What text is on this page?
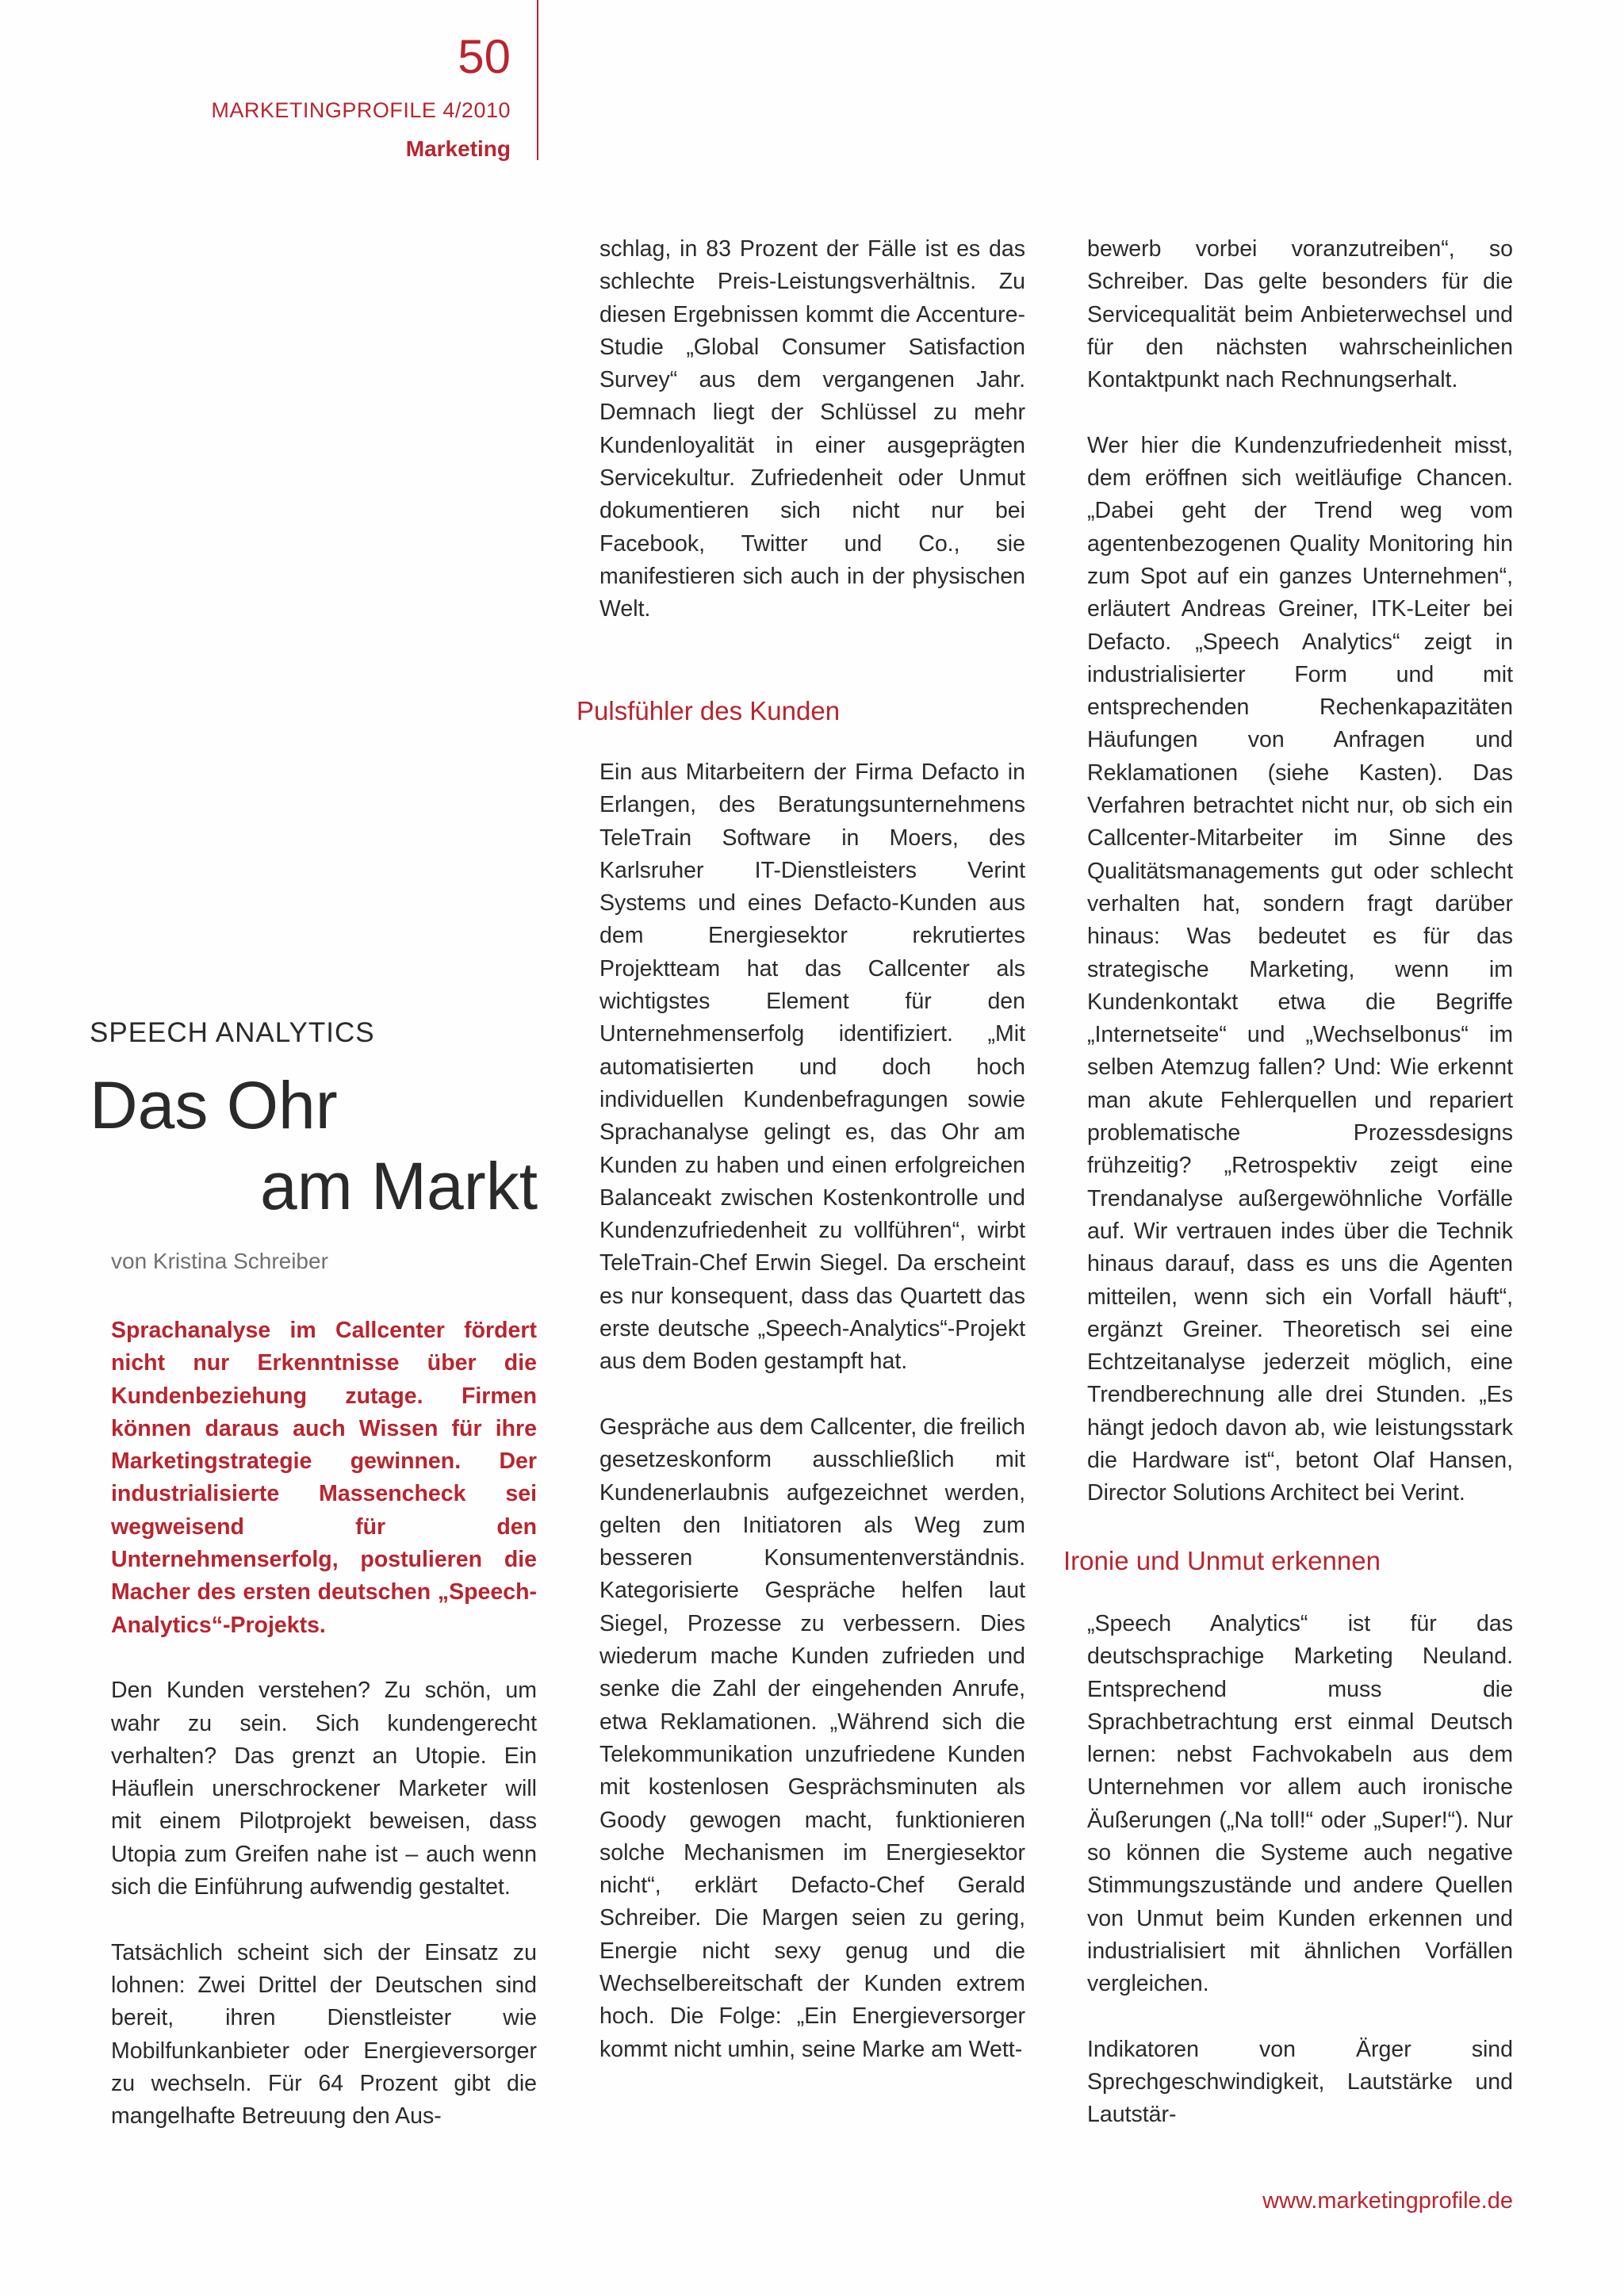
50
MARKETINGPROFILE 4/2010
Marketing
SPEECH ANALYTICS
Das Ohr
am Markt
von Kristina Schreiber

Sprachanalyse im Callcenter fördert nicht nur Erkenntnisse über die Kundenbeziehung zutage. Firmen können daraus auch Wissen für ihre Marketingstrategie gewinnen. Der industrialisierte Massencheck sei wegweisend für den Unternehmenserfolg, postulieren die Macher des ersten deutschen „Speech-Analytics“-Projekts.

Den Kunden verstehen? Zu schön, um wahr zu sein. Sich kundengerecht verhalten? Das grenzt an Utopie. Ein Häuflein unerschrockener Marketer will mit einem Pilotprojekt beweisen, dass Utopia zum Greifen nahe ist – auch wenn sich die Einführung aufwendig gestaltet.

Tatsächlich scheint sich der Einsatz zu lohnen: Zwei Drittel der Deutschen sind bereit, ihren Dienstleister wie Mobilfunkanbieter oder Energieversorger zu wechseln. Für 64 Prozent gibt die mangelhafte Betreuung den Aus-

schlag, in 83 Prozent der Fälle ist es das schlechte Preis-Leistungsverhältnis. Zu diesen Ergebnissen kommt die Accenture-Studie „Global Consumer Satisfaction Survey“ aus dem vergangenen Jahr. Demnach liegt der Schlüssel zu mehr Kundenloyalität in einer ausgeprägten Servicekultur. Zufriedenheit oder Unmut dokumentieren sich nicht nur bei Facebook, Twitter und Co., sie manifestieren sich auch in der physischen Welt.

Pulsfühler des Kunden

Ein aus Mitarbeitern der Firma Defacto in Erlangen, des Beratungsunternehmens TeleTrain Software in Moers, des Karlsruher IT-Dienstleisters Verint Systems und eines Defacto-Kunden aus dem Energiesektor rekrutiertes Projektteam hat das Callcenter als wichtigstes Element für den Unternehmenserfolg identifiziert. „Mit automatisierten und doch hoch individuellen Kundenbefragungen sowie Sprachanalyse gelingt es, das Ohr am Kunden zu haben und einen erfolgreichen Balanceakt zwischen Kostenkontrolle und Kundenzufriedenheit zu vollführen“, wirbt TeleTrain-Chef Erwin Siegel. Da erscheint es nur konsequent, dass das Quartett das erste deutsche „Speech-Analytics“-Projekt aus dem Boden gestampft hat.

Gespräche aus dem Callcenter, die freilich gesetzeskonform ausschließlich mit Kundenerlaubnis aufgezeichnet werden, gelten den Initiatoren als Weg zum besseren Konsumentenverständnis. Kategorisierte Gespräche helfen laut Siegel, Prozesse zu verbessern. Dies wiederum mache Kunden zufrieden und senke die Zahl der eingehenden Anrufe, etwa Reklamationen. „Während sich die Telekommunikation unzufriedene Kunden mit kostenlosen Gesprächsminuten als Goody gewogen macht, funktionieren solche Mechanismen im Energiesektor nicht“, erklärt Defacto-Chef Gerald Schreiber. Die Margen seien zu gering, Energie nicht sexy genug und die Wechselbereitschaft der Kunden extrem hoch. Die Folge: „Ein Energieversorger kommt nicht umhin, seine Marke am Wett-

bewerb vorbei voranzutreiben“, so Schreiber. Das gelte besonders für die Servicequalität beim Anbieterwechsel und für den nächsten wahrscheinlichen Kontaktpunkt nach Rechnungserhalt.

Wer hier die Kundenzufriedenheit misst, dem eröffnen sich weitläufige Chancen. „Dabei geht der Trend weg vom agentenbezogenen Quality Monitoring hin zum Spot auf ein ganzes Unternehmen“, erläutert Andreas Greiner, ITK-Leiter bei Defacto. „Speech Analytics“ zeigt in industrialisierter Form und mit entsprechenden Rechenkapazitäten Häufungen von Anfragen und Reklamationen (siehe Kasten). Das Verfahren betrachtet nicht nur, ob sich ein Callcenter-Mitarbeiter im Sinne des Qualitätsmanagements gut oder schlecht verhalten hat, sondern fragt darüber hinaus: Was bedeutet es für das strategische Marketing, wenn im Kundenkontakt etwa die Begriffe „Internetseite“ und „Wechselbonus“ im selben Atemzug fallen? Und: Wie erkennt man akute Fehlerquellen und repariert problematische Prozessdesigns frühzeitig? „Retrospektiv zeigt eine Trendanalyse außergewöhnliche Vorfälle auf. Wir vertrauen indes über die Technik hinaus darauf, dass es uns die Agenten mitteilen, wenn sich ein Vorfall häuft“, ergänzt Greiner. Theoretisch sei eine Echtzeitanalyse jederzeit möglich, eine Trendberechnung alle drei Stunden. „Es hängt jedoch davon ab, wie leistungsstark die Hardware ist“, betont Olaf Hansen, Director Solutions Architect bei Verint.

Ironie und Unmut erkennen

„Speech Analytics“ ist für das deutschsprachige Marketing Neuland. Entsprechend muss die Sprachbetrachtung erst einmal Deutsch lernen: nebst Fachvokabeln aus dem Unternehmen vor allem auch ironische Äußerungen („Na toll!“ oder „Super!“). Nur so können die Systeme auch negative Stimmungszustände und andere Quellen von Unmut beim Kunden erkennen und industrialisiert mit ähnlichen Vorfällen vergleichen.

Indikatoren von Ärger sind Sprechgeschwindigkeit, Lautstärke und Lautstär-

www.marketingprofile.de
